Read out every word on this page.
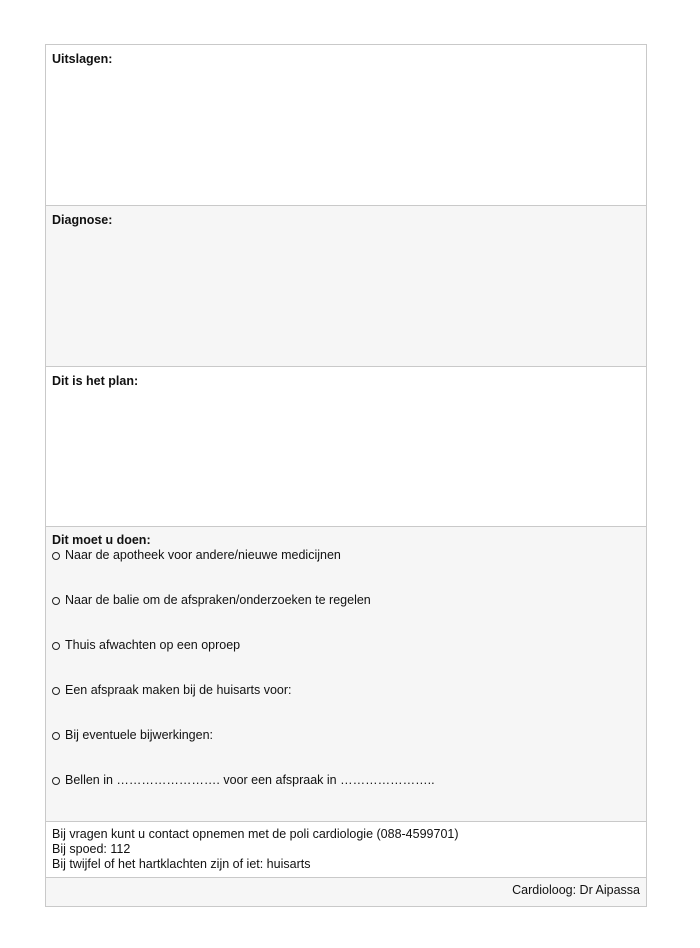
Uitslagen:

Diagnose:

Dit is het plan:

Dit moet u doen:

Naar de apotheek voor andere/nieuwe medicijnen
Naar de balie om de afspraken/onderzoeken te regelen
Thuis afwachten op een oproep
Een afspraak maken bij de huisarts voor:
Bij eventuele bijwerkingen:
Bellen in ……………………. voor een afspraak in …………………..

Bij vragen kunt u contact opnemen met de poli cardiologie (088-4599701)

Bij spoed: 112

Bij twijfel of het hartklachten zijn of iet: huisarts

Cardioloog: Dr Aipassa
